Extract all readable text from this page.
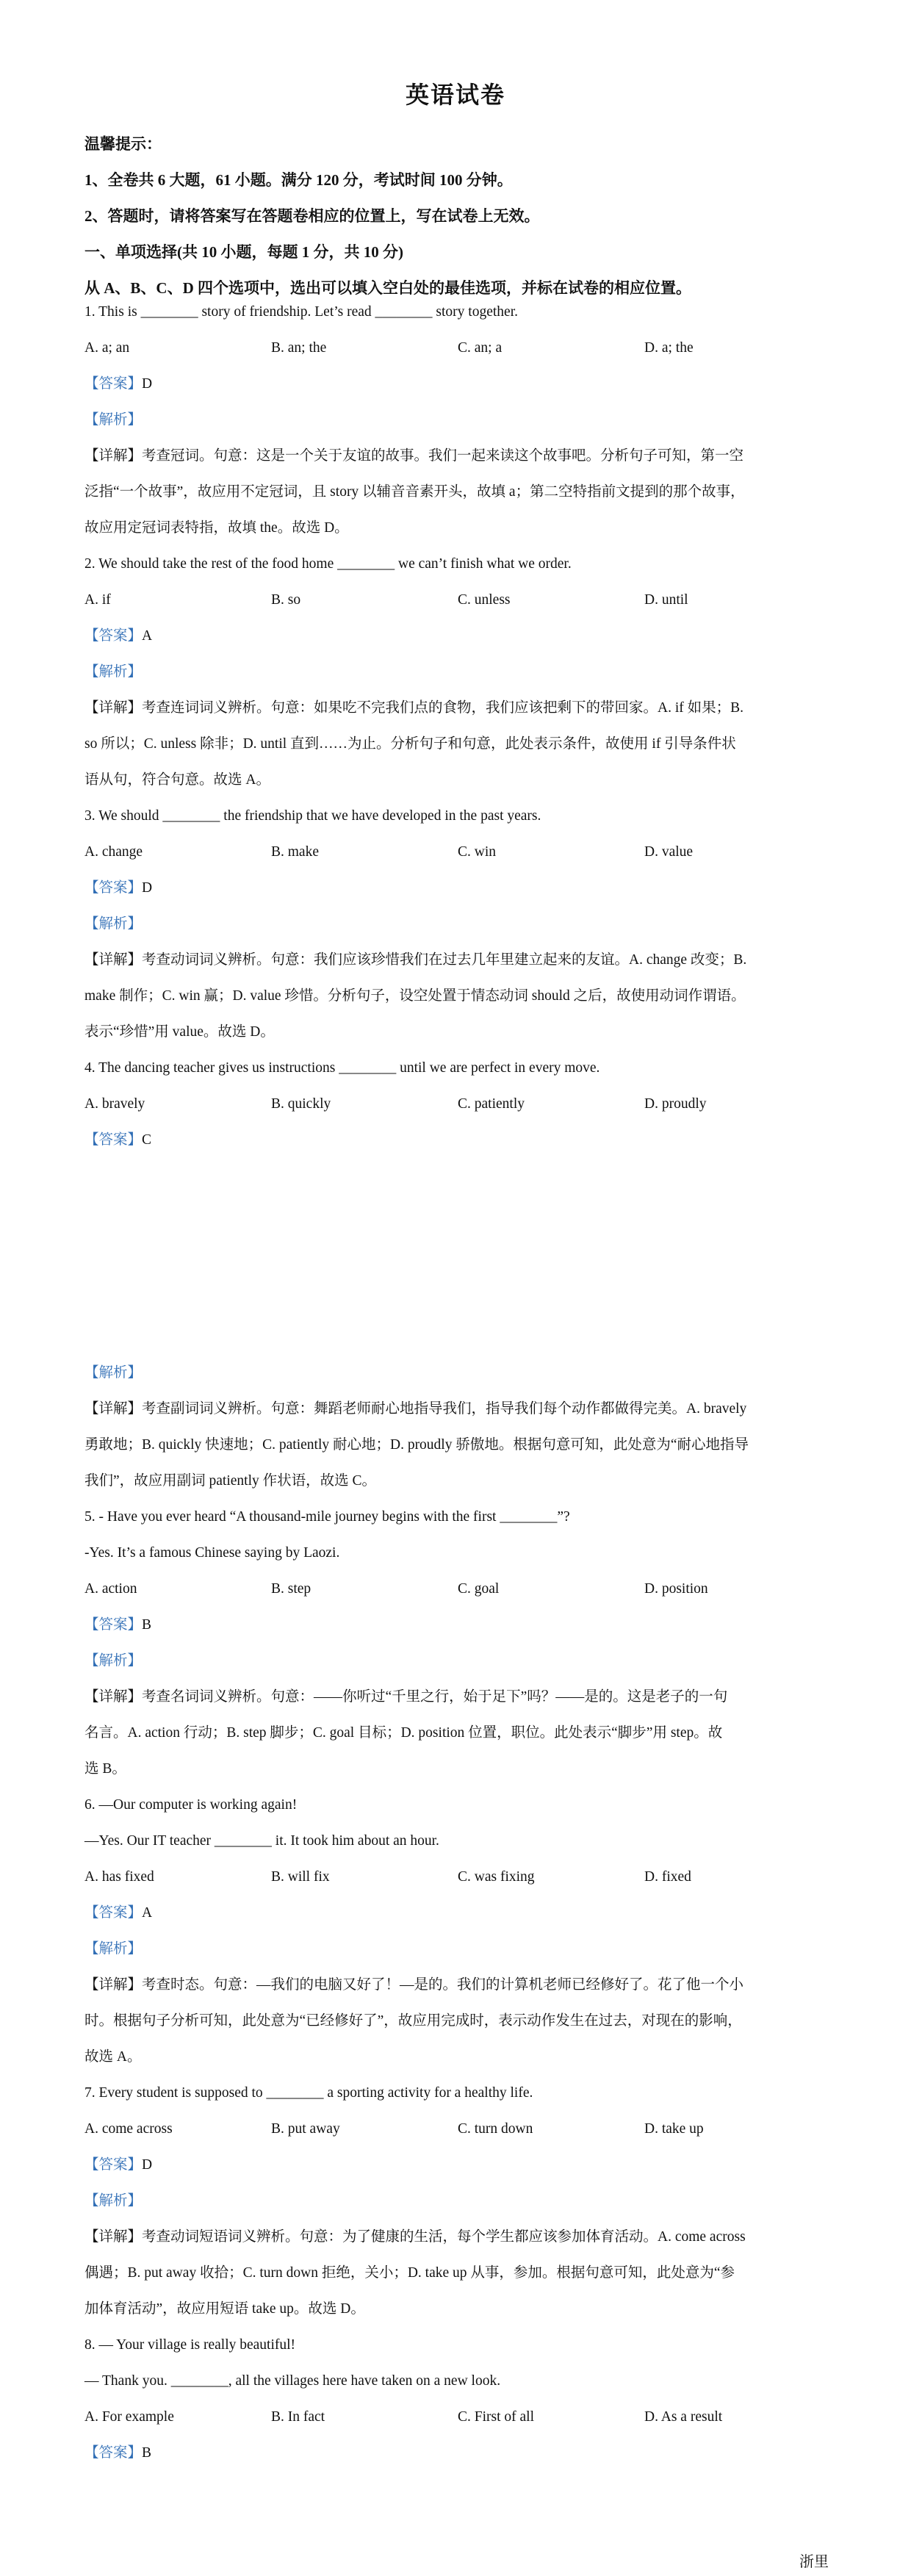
英语试卷
温馨提示：
1、全卷共 6 大题，61 小题。满分 120 分，考试时间 100 分钟。
2、答题时，请将答案写在答题卷相应的位置上，写在试卷上无效。
一、单项选择(共 10 小题，每题 1 分，共 10 分)
从 A、B、C、D 四个选项中，选出可以填入空白处的最佳选项，并标在试卷的相应位置。
1. This is ________ story of friendship. Let’s read ________ story together.
A. a; an	B. an; the	C. an; a	D. a; the
【答案】D
【解析】
【详解】考查冠词。句意：这是一个关于友谊的故事。我们一起来读这个故事吧。分析句子可知，第一空
泛指“一个故事”，故应用不定冠词，且 story 以辅音音素开头，故填 a；第二空特指前文提到的那个故事，
故应用定冠词表特指，故填 the。故选 D。
2. We should take the rest of the food home ________ we can’t finish what we order.
A. if	B. so	C. unless	D. until
【答案】A
【解析】
【详解】考查连词词义辨析。句意：如果吃不完我们点的食物，我们应该把剩下的带回家。A. if 如果；B.
so 所以；C. unless 除非；D. until 直到……为止。分析句子和句意，此处表示条件，故使用 if 引导条件状
语从句，符合句意。故选 A。
3. We should ________ the friendship that we have developed in the past years.
A. change	B. make	C. win	D. value
【答案】D
【解析】
【详解】考查动词词义辨析。句意：我们应该珍惜我们在过去几年里建立起来的友谊。A. change 改变；B.
make 制作；C. win 赢；D. value 珍惜。分析句子，设空处置于情态动词 should 之后，故使用动词作谓语。
表示“珍惜”用 value。故选 D。
4. The dancing teacher gives us instructions ________ until we are perfect in every move.
A. bravely	B. quickly	C. patiently	D. proudly
【答案】C
【解析】
【详解】考查副词词义辨析。句意：舞蹈老师耐心地指导我们，指导我们每个动作都做得完美。A. bravely
勇敢地；B. quickly 快速地；C. patiently 耐心地；D. proudly 骄傲地。根据句意可知，此处意为“耐心地指导
我们”，故应用副词 patiently 作状语，故选 C。
5. - Have you ever heard “A thousand-mile journey begins with the first ________”?
-Yes. It’s a famous Chinese saying by Laozi.
A. action	B. step	C. goal	D. position
【答案】B
【解析】
【详解】考查名词词义辨析。句意：——你听过“千里之行，始于足下”吗？——是的。这是老子的一句
名言。A. action 行动；B. step 脚步；C. goal 目标；D. position 位置，职位。此处表示“脚步”用 step。故
选 B。
6. —Our computer is working again!
—Yes. Our IT teacher ________ it. It took him about an hour.
A. has fixed	B. will fix	C. was fixing	D. fixed
【答案】A
【解析】
【详解】考查时态。句意：—我们的电脑又好了！—是的。我们的计算机老师已经修好了。花了他一个小
时。根据句子分析可知，此处意为“已经修好了”，故应用完成时，表示动作发生在过去，对现在的影响，
故选 A。
7. Every student is supposed to ________ a sporting activity for a healthy life.
A. come across	B. put away	C. turn down	D. take up
【答案】D
【解析】
【详解】考查动词短语词义辨析。句意：为了健康的生活，每个学生都应该参加体育活动。A. come across
偶遇；B. put away 收拾；C. turn down 拒绝，关小；D. take up 从事，参加。根据句意可知，此处意为“参
加体育活动”，故应用短语 take up。故选 D。
8. — Your village is really beautiful!
— Thank you. ________, all the villages here have taken on a new look.
A. For example	B. In fact	C. First of all	D. As a result
【答案】B
浙里
